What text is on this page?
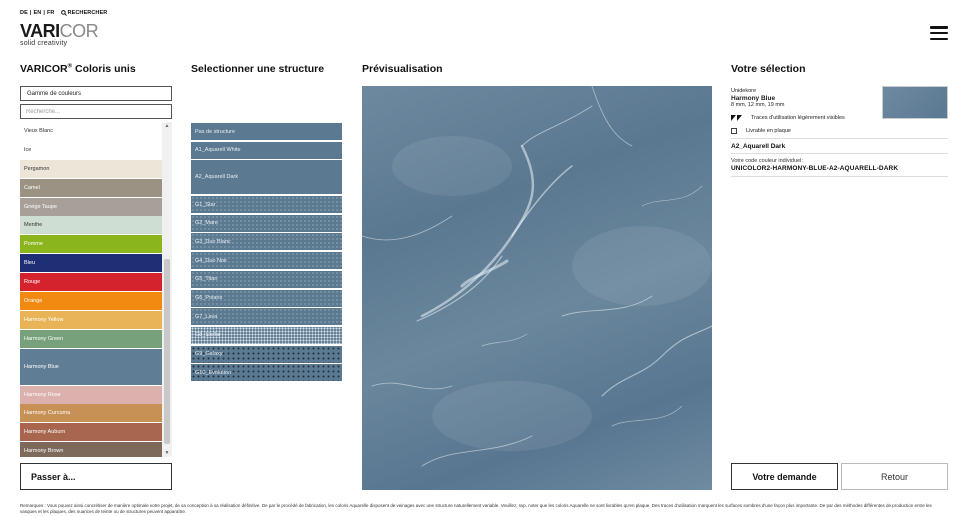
DE | EN | FR RECHERCHER
VARICOR
solid creativity
VARICOR® Coloris unis	Selectionner une structure	Prévisualisation	Votre sélection
Gamme de couleurs
Recherche...
Vieux Blanc
Ice
Pergamon
Camel
Greige Taupe
Menthe
Pomme
Bleu
Rouge
Orange
Harmony Yellow
Harmony Green
Harmony Blue
Harmony Rose
Harmony Curcuma
Harmony Auburn
Harmony Brown
▲
▼
Passer à...
Pas de structure
A1_Aquarell White
A2_Aquarell Dark
G1_Star
G2_Mare
G3_Duo Blanc
G4_Duo Noir
G5_Titan
G6_Polaris
G7_Lava
G8_Stellar
G9_Galaxy
G10_Evolution
Unidekore
Harmony Blue
8 mm, 12 mm, 19 mm
Traces d'utilisation légèrement visibles
Livrable en plaque
A2_Aquarell Dark
Votre code couleur individuel:
UNICOLOR2-HARMONY-BLUE-A2-AQUARELL-DARK
Votre demande	Retour
Remarques : Vous pouvez ainsi concrétiser de manière optimale votre projet, de sa conception à sa réalisation définitive. De par le procédé de fabrication, les coloris Aquarelle disposent de veinages avec une structure naturellement variable. Veuillez, svp, noter que les coloris Aquarelle ne sont livrables qu'en plaque. Des traces d'utilisation marquent les surfaces sombres d'une façon plus importante. De par des méthodes différentes de production entre les vasques et les plaques, des nuances de teinte ou de structures peuvent apparaître.
